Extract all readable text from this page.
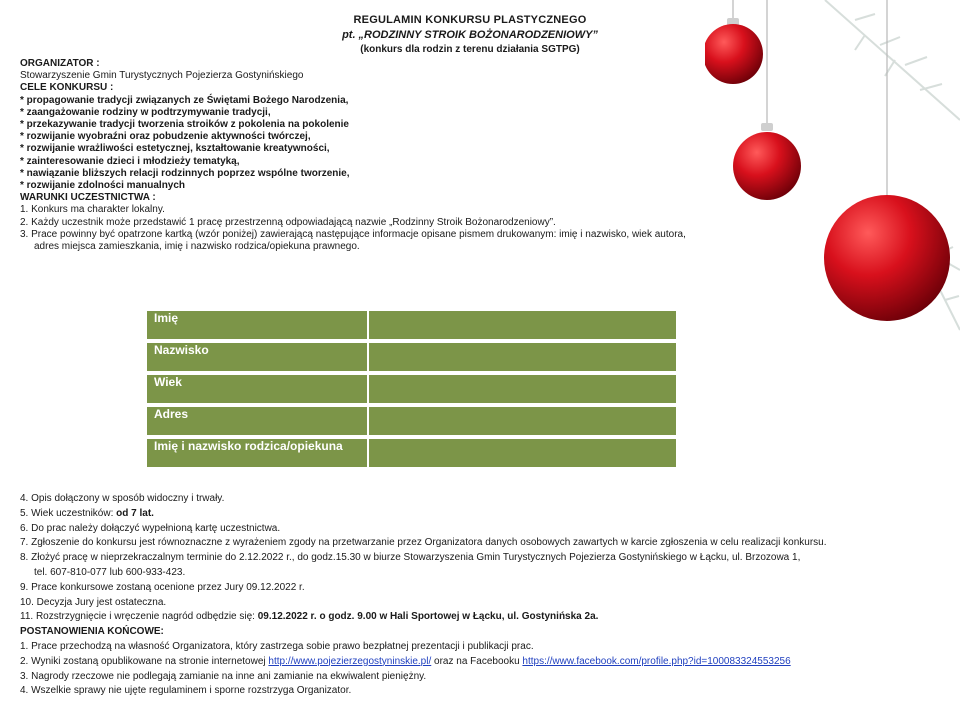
REGULAMIN KONKURSU PLASTYCZNEGO
pt. „RODZINNY STROIK BOŻONARODZENIOWY”
(konkurs dla rodzin z terenu działania SGTPG)
ORGANIZATOR :
Stowarzyszenie Gmin Turystycznych Pojezierza Gostynińskiego
CELE KONKURSU :
* propagowanie tradycji związanych ze Świętami Bożego Narodzenia,
* zaangażowanie rodziny w podtrzymywanie tradycji,
* przekazywanie tradycji tworzenia stroików z pokolenia na pokolenie
* rozwijanie wyobraźni oraz pobudzenie aktywności twórczej,
* rozwijanie wrażliwości estetycznej, kształtowanie kreatywności,
* zainteresowanie dzieci i młodzieży tematyką,
* nawiązanie bliższych relacji rodzinnych poprzez wspólne tworzenie,
* rozwijanie zdolności manualnych
WARUNKI UCZESTNICTWA :
1. Konkurs ma charakter lokalny.
2. Każdy uczestnik może przedstawić 1 pracę przestrzenną odpowiadającą nazwie „Rodzinny Stroik Bożonarodzeniowy”.
3. Prace powinny być opatrzone kartką (wzór poniżej) zawierającą następujące informacje opisane pismem drukowanym: imię i nazwisko, wiek autora,
adres miejsca zamieszkania, imię i nazwisko rodzica/opiekuna prawnego.
Imię	
Nazwisko	
Wiek	
Adres	
Imię i nazwisko rodzica/opiekuna	
4. Opis dołączony w sposób widoczny i trwały.
5. Wiek uczestników: od 7 lat.
6. Do prac należy dołączyć wypełnioną kartę uczestnictwa.
7. Zgłoszenie do konkursu jest równoznaczne z wyrażeniem zgody na przetwarzanie przez Organizatora danych osobowych zawartych w karcie zgłoszenia w celu realizacji konkursu.
8. Złożyć pracę w nieprzekraczalnym terminie do 2.12.2022 r., do godz.15.30 w biurze Stowarzyszenia Gmin Turystycznych Pojezierza Gostynińskiego w Łącku, ul. Brzozowa 1,
tel. 607-810-077 lub 600-933-423.
9. Prace konkursowe zostaną ocenione przez Jury 09.12.2022 r.
10. Decyzja Jury jest ostateczna.
11. Rozstrzygnięcie i wręczenie nagród odbędzie się: 09.12.2022 r. o godz. 9.00 w Hali Sportowej w Łącku, ul. Gostynińska 2a.
POSTANOWIENIA KOŃCOWE:
1. Prace przechodzą na własność Organizatora, który zastrzega sobie prawo bezpłatnej prezentacji i publikacji prac.
2. Wyniki zostaną opublikowane na stronie internetowej http://www.pojezierzegostyninskie.pl/ oraz na Facebooku https://www.facebook.com/profile.php?id=100083324553256
3. Nagrody rzeczowe nie podlegają zamianie na inne ani zamianie na ekwiwalent pieniężny.
4. Wszelkie sprawy nie ujęte regulaminem i sporne rozstrzyga Organizator.
